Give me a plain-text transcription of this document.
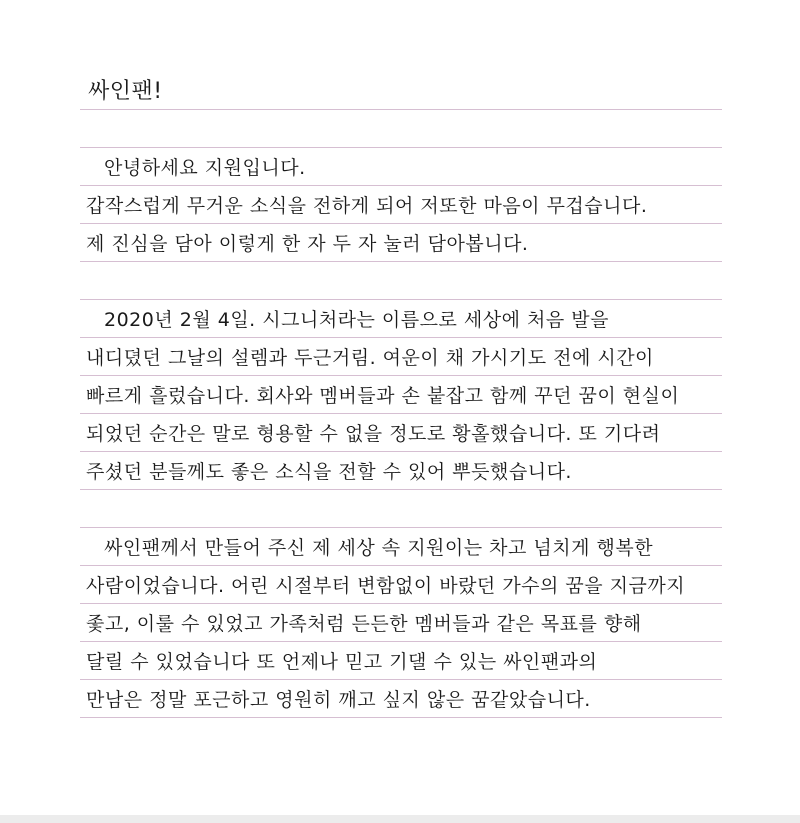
싸인팬!
안녕하세요 지원입니다.
갑작스럽게 무거운 소식을 전하게 되어 저또한 마음이 무겁습니다.
제 진심을 담아 이렇게 한 자 두 자 눌러 담아봅니다.
2020년 2월 4일. 시그니처라는 이름으로 세상에 처음 발을
내디뎠던 그날의 설렘과 두근거림. 여운이 채 가시기도 전에 시간이
빠르게 흘렀습니다. 회사와 멤버들과 손 붙잡고 함께 꾸던 꿈이 현실이
되었던 순간은 말로 형용할 수 없을 정도로 황홀했습니다. 또 기다려
주셨던 분들께도 좋은 소식을 전할 수 있어 뿌듯했습니다.
싸인팬께서 만들어 주신 제 세상 속 지원이는 차고 넘치게 행복한
사람이었습니다. 어린 시절부터 변함없이 바랐던 가수의 꿈을 지금까지
좇고, 이룰 수 있었고 가족처럼 든든한 멤버들과 같은 목표를 향해
달릴 수 있었습니다 또 언제나 믿고 기댈 수 있는 싸인팬과의
만남은 정말 포근하고 영원히 깨고 싶지 않은 꿈같았습니다.
